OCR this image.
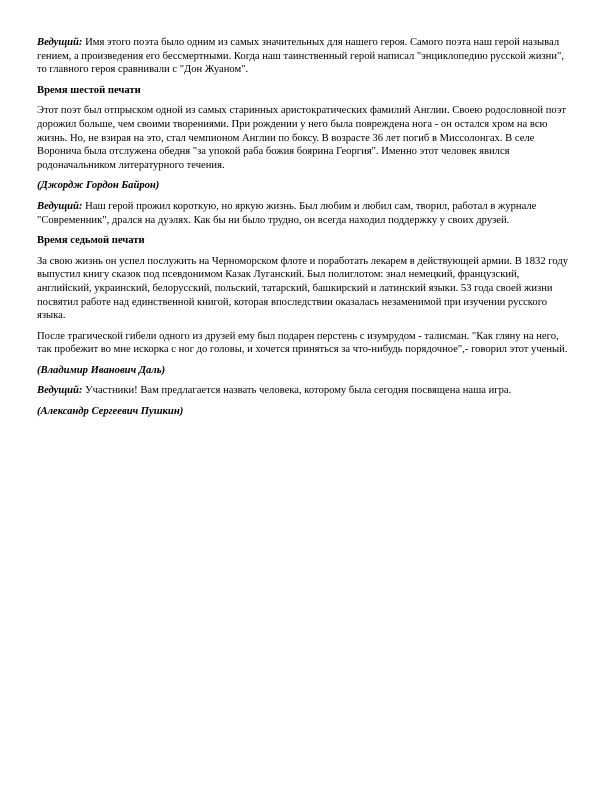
Ведущий: Имя этого поэта было одним из самых значительных для нашего героя. Самого поэта наш герой называл гением, а произведения его бессмертными. Когда наш таинственный герой написал "энциклопедию русской жизни", то главного героя сравнивали с "Дон Жуаном".

Время шестой печати

Этот поэт был отпрыском одной из самых старинных аристократических фамилий Англии. Своею родословной поэт дорожил больше, чем своими творениями. При рождении у него была повреждена нога - он остался хром на всю жизнь. Но, не взирая на это, стал чемпионом Англии по боксу. В возрасте 36 лет погиб в Миссолонгах. В селе Воронича была отслужена обедня "за упокой раба божия боярина Георгия". Именно этот человек явился родоначальником литературного течения.

(Джордж Гордон Байрон)

Ведущий: Наш герой прожил короткую, но яркую жизнь. Был любим и любил сам, творил, работал в журнале "Современник", дрался на дуэлях. Как бы ни было трудно, он всегда находил поддержку у своих друзей.

Время седьмой печати

За свою жизнь он успел послужить на Черноморском флоте и поработать лекарем в действующей армии. В 1832 году выпустил книгу сказок под псевдонимом Казак Луганский. Был полиглотом: знал немецкий, французский, английский, украинский, белорусский, польский, татарский, башкирский и латинский языки. 53 года своей жизни посвятил работе над единственной книгой, которая впоследствии оказалась незаменимой при изучении русского языка.

После трагической гибели одного из друзей ему был подарен перстень с изумрудом - талисман. "Как гляну на него, так пробежит во мне искорка с ног до головы, и хочется приняться за что-нибудь порядочное",- говорил этот ученый.

(Владимир Иванович Даль)

Ведущий: Участники! Вам предлагается назвать человека, которому была сегодня посвящена наша игра.

(Александр Сергеевич Пушкин)
